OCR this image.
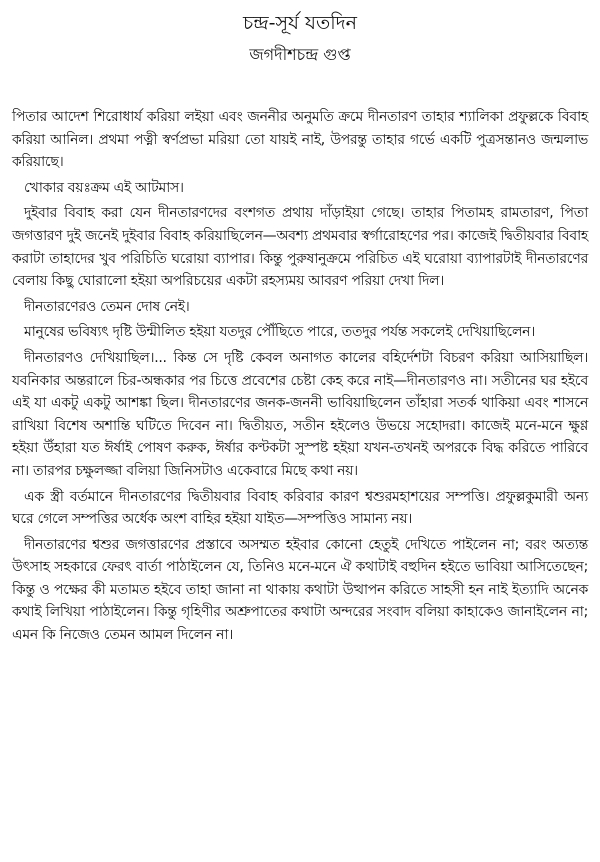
চন্দ্র-সূর্য যতদিন
জগদীশচন্দ্র গুপ্ত

পিতার আদেশ শিরোধার্য করিয়া লইয়া এবং জননীর অনুমতি ক্রমে দীনতারণ তাহার শ্যালিকা প্রফুল্লকে বিবাহ করিয়া আনিল। প্রথমা পত্নী স্বর্ণপ্রভা মরিয়া তো যায়ই নাই, উপরন্তু তাহার গর্ভে একটি পুত্রসন্তানও জন্মলাভ করিয়াছে।

খোকার বয়ঃক্রম এই আটমাস।

দুইবার বিবাহ করা যেন দীনতারণদের বংশগত প্রথায় দাঁড়াইয়া গেছে। তাহার পিতামহ রামতারণ, পিতা জগত্তারণ দুই জনেই দুইবার বিবাহ করিয়াছিলেন—অবশ্য প্রথমবার স্বর্গারোহণের পর। কাজেই দ্বিতীয়বার বিবাহ করাটা তাহাদের খুব পরিচিতি ঘরোয়া ব্যাপার। কিন্তু পুরুষানুক্রমে পরিচিত এই ঘরোয়া ব্যাপারটাই দীনতারণের বেলায় কিছু ঘোরালো হইয়া অপরিচয়ের একটা রহস্যময় আবরণ পরিয়া দেখা দিল।

দীনতারণেরও তেমন দোষ নেই।

মানুষের ভবিষ্যৎ দৃষ্টি উন্মীলিত হইয়া যতদুর পৌঁছিতে পারে, ততদুর পর্যন্ত সকলেই দেখিয়াছিলেন।

দীনতারণও দেখিয়াছিল।... কিন্ত সে দৃষ্টি কেবল অনাগত কালের বহির্দেশটা বিচরণ করিয়া আসিয়াছিল। যবনিকার অন্তরালে চির-অন্ধকার পর চিত্তে প্রবেশের চেষ্টা কেহ করে নাই—দীনতারণও না। সতীনের ঘর হইবে এই যা একটু একটু আশঙ্কা ছিল। দীনতারণের জনক-জননী ভাবিয়াছিলেন তাঁহারা সতর্ক থাকিয়া এবং শাসনে রাখিয়া বিশেষ অশান্তি ঘটিতে দিবেন না। দ্বিতীয়ত, সতীন হইলেও উভয়ে সহোদরা। কাজেই মনে-মনে ক্ষুণ্ণ হইয়া উঁহারা যত ঈর্ষাই পোষণ করুক, ঈর্ষার কণ্টকটা সুস্পষ্ট হইয়া যখন-তখনই অপরকে বিদ্ধ করিতে পারিবে না। তারপর চক্ষুলজ্জা বলিয়া জিনিসটাও একেবারে মিছে কথা নয়।

এক স্ত্রী বর্তমানে দীনতারণের দ্বিতীয়বার বিবাহ করিবার কারণ শ্বশুরমহাশয়ের সম্পত্তি। প্রফুল্লকুমারী অন্য ঘরে গেলে সম্পত্তির অর্ধেক অংশ বাহির হইয়া যাইত—সম্পত্তিও সামান্য নয়।

দীনতারণের শ্বশুর জগত্তারণের প্রস্তাবে অসম্মত হইবার কোনো হেতুই দেখিতে পাইলেন না; বরং অত্যন্ত উৎসাহ সহকারে ফেরৎ বার্তা পাঠাইলেন যে, তিনিও মনে-মনে ঐ কথাটাই বহুদিন হইতে ভাবিয়া আসিতেছেন; কিন্তু ও পক্ষের কী মতামত হইবে তাহা জানা না থাকায় কথাটা উত্থাপন করিতে সাহসী হন নাই ইত্যাদি অনেক কথাই লিখিয়া পাঠাইলেন। কিন্তু গৃহিণীর অশ্রুপাতের কথাটা অন্দরের সংবাদ বলিয়া কাহাকেও জানাইলেন না; এমন কি নিজেও তেমন আমল দিলেন না।
